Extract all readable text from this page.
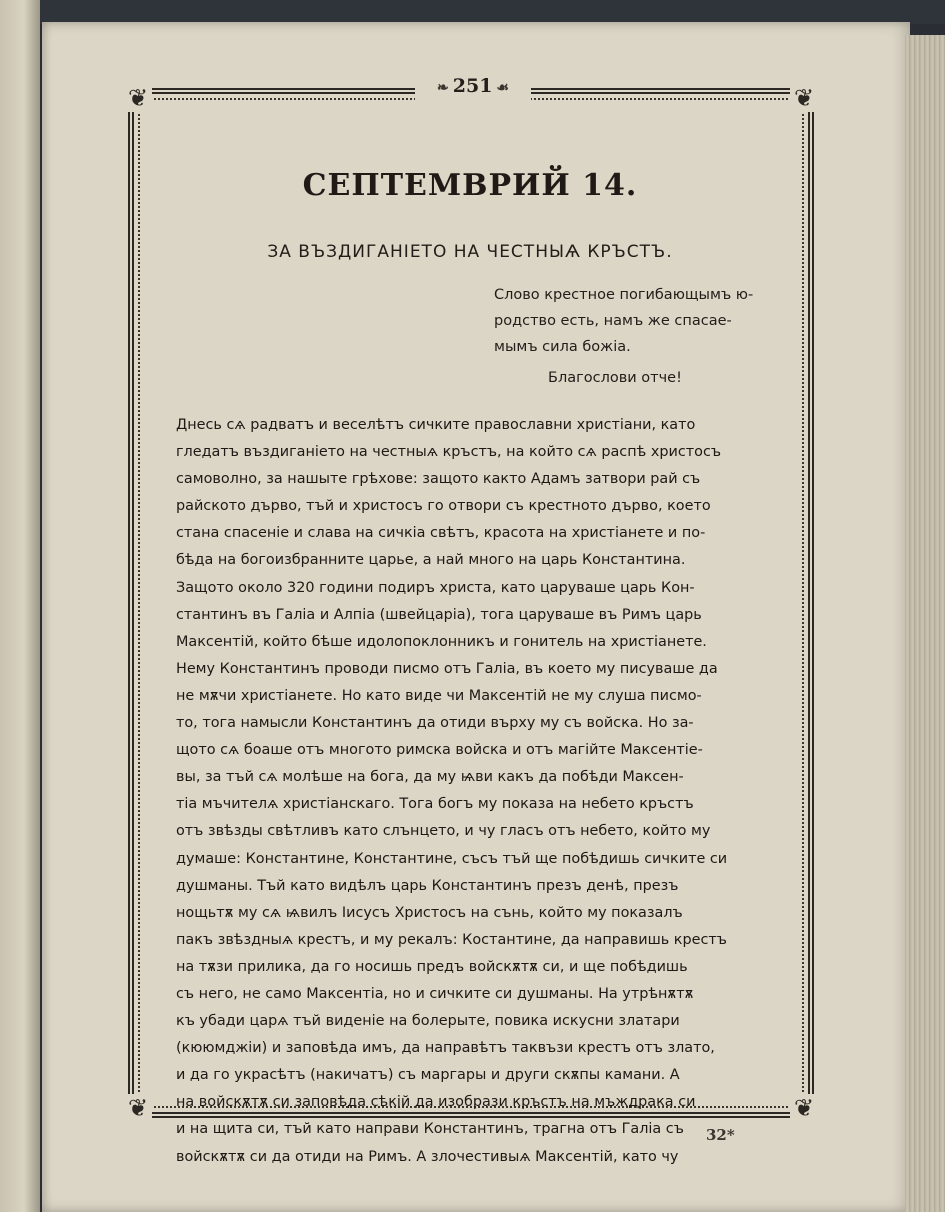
❦	❦
❦	❦
❧ 251 ☙
СЕПТЕМВРИЙ 14.
ЗА ВЪЗДИГАНІЕТО НА ЧЕСТНЫѦ КРЪСТЪ.
Слово крестное погибающымъ ю-
родство есть, намъ же спасае-
мымъ сила божіа.
Благослови отче!
Днесь сѧ радватъ и веселѣтъ сичките православни христіани, като
гледатъ въздиганіето на честныѧ кръстъ, на който сѧ распѣ христосъ
самоволно, за нашыте грѣхове: защото както Адамъ затвори рай съ
райското дърво, тъй и христосъ го отвори съ крестното дърво, което
стана спасеніе и слава на сичкіа свѣтъ, красота на христіанете и по-
бѣда на богоизбранните царье, а най много на царь Константина.
Защото около 320 години подиръ христа, като царуваше царь Кон-
стантинъ въ Галіа и Алпіа (швейцаріа), тога царуваше въ Римъ царь
Максентій, който бѣше идолопоклонникъ и гонитель на христіанете.
Нему Константинъ проводи писмо отъ Галіа, въ което му писуваше да
не мѫчи христіанете. Но като виде чи Максентій не му слуша писмо-
то, тога намысли Константинъ да отиди върху му съ войска. Но за-
щото сѧ боаше отъ многото римска войска и отъ магійте Максентіе-
вы, за тъй сѧ молѣше на бога, да му ѩви какъ да побѣди Максен-
тіа мъчителѧ христіанскаго. Тога богъ му показа на небето кръстъ
отъ звѣзды свѣтливъ като слънцето, и чу гласъ отъ небето, който му
думаше: Константине, Константине, съсъ тъй ще побѣдишь сичките си
душманы. Тъй като видѣлъ царь Константинъ презъ денѣ, презъ
нощьтѫ му сѧ ѩвилъ Іисусъ Христосъ на сънь, който му показалъ
пакъ звѣздныѧ крестъ, и му рекалъ: Костантине, да направишь крестъ
на тѫзи прилика, да го носишь предъ войскѫтѫ си, и ще побѣдишь
съ него, не само Максентіа, но и сичките си душманы. На утрѣнѫтѫ
къ убади царѧ тъй виденіе на болерыте, повика искусни златари
(кююмджіи) и заповѣда имъ, да направѣтъ таквъзи крестъ отъ злато,
и да го украсѣтъ (накичатъ) съ маргары и други скѫпы камани. А
на войскѫтѫ си заповѣда сѣкій да изобрази кръстъ на мъждрака си
и на щита си, тъй като направи Константинъ, трагна отъ Галіа съ
войскѫтѫ си да отиди на Римъ. А злочестивыѧ Максентій, като чу
32*
